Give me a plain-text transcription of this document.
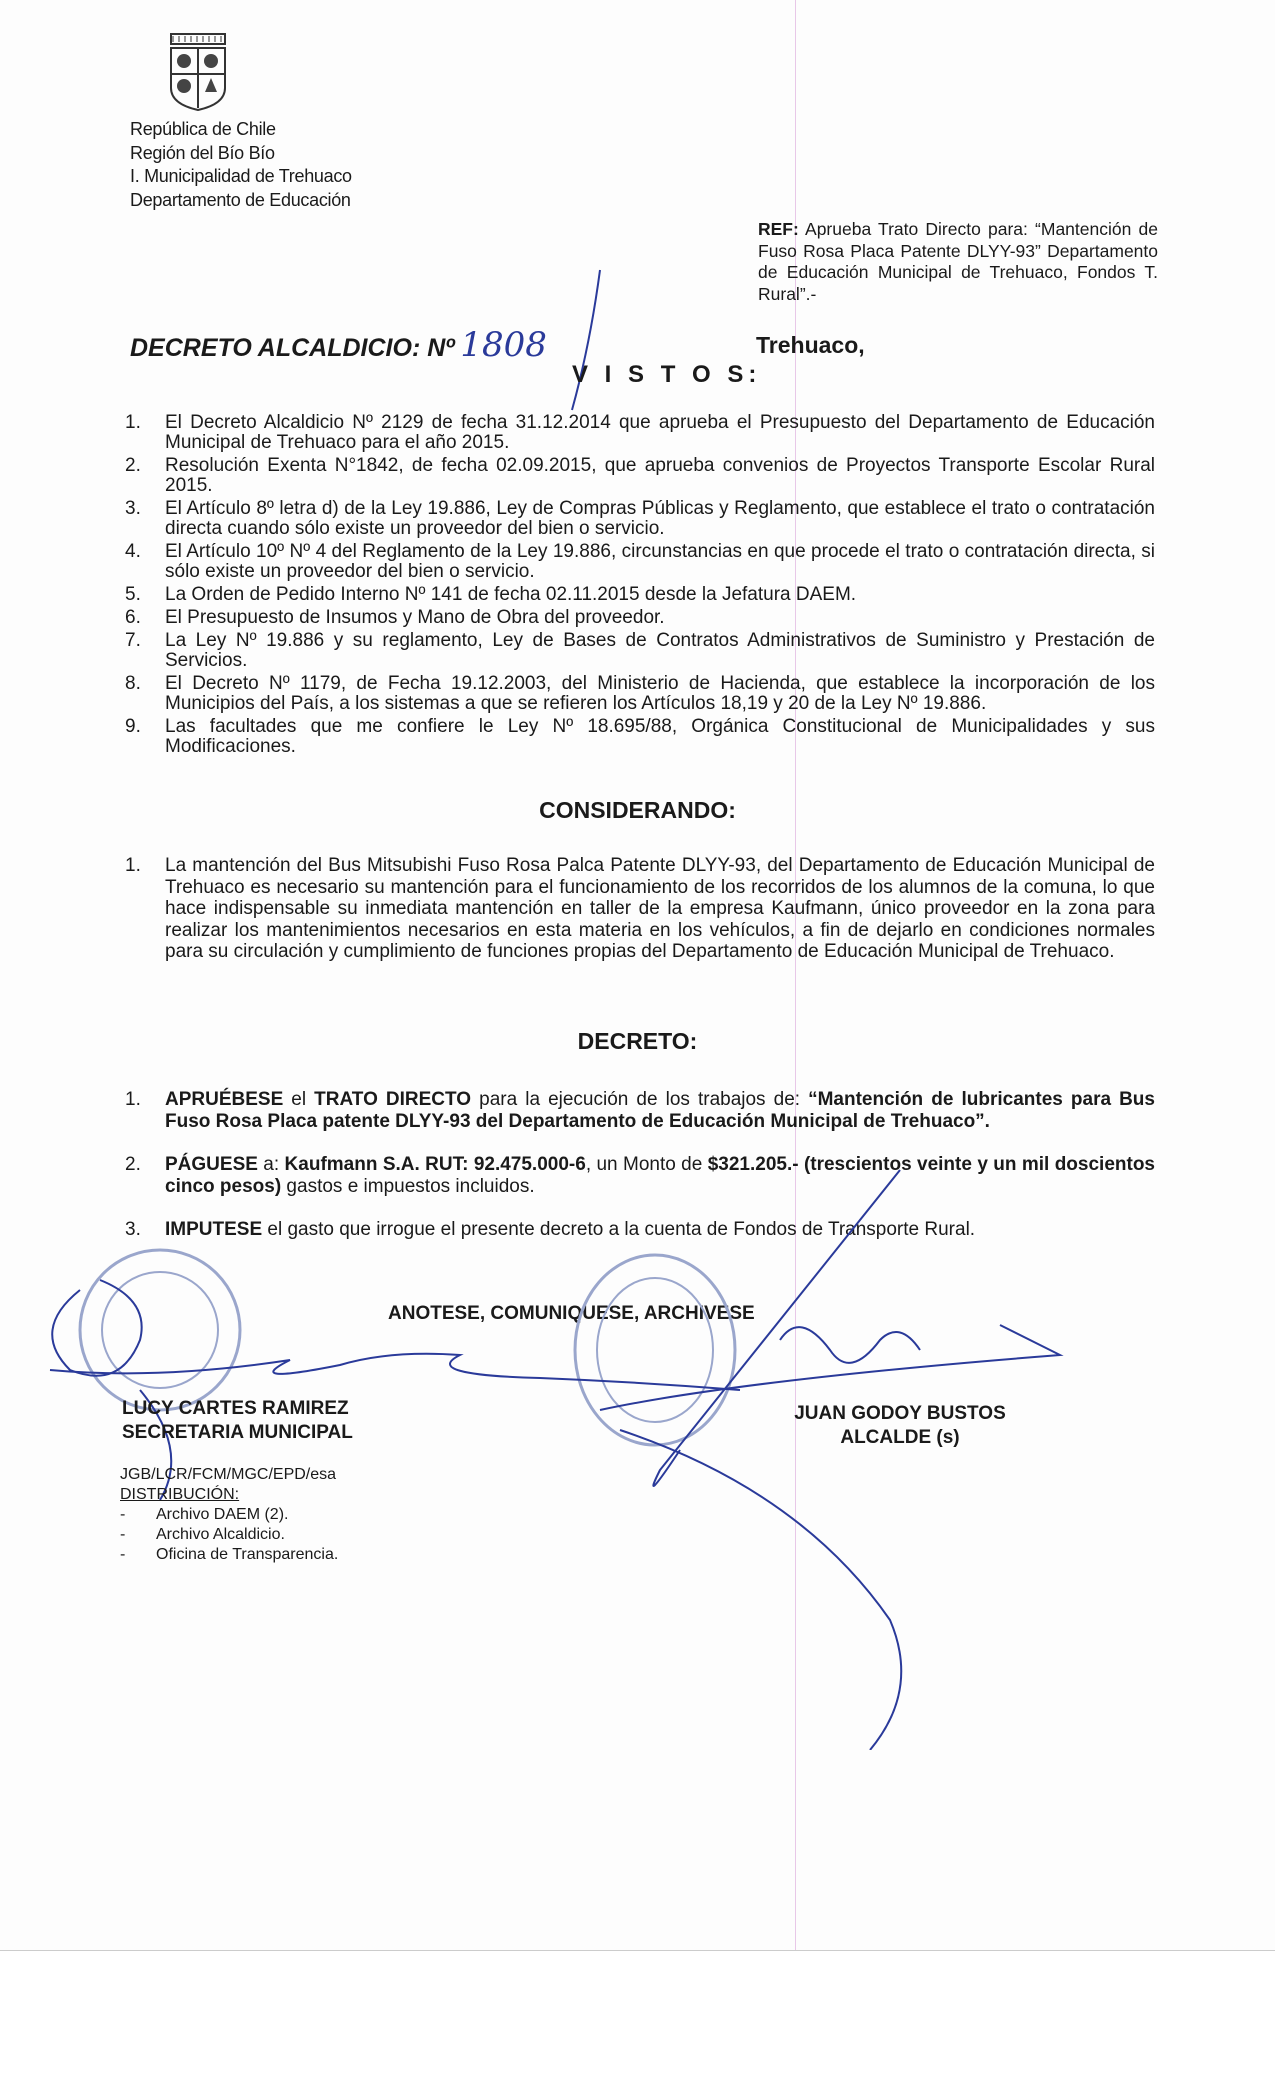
República de Chile
Región del Bío Bío
I. Municipalidad de Trehuaco
Departamento de Educación
REF: Aprueba Trato Directo para: “Mantención de Fuso Rosa Placa Patente DLYY-93” Departamento de Educación Municipal de Trehuaco, Fondos T. Rural”.-
DECRETO ALCALDICIO: Nº 1808	Trehuaco,
V I S T O S:
1. El Decreto Alcaldicio Nº 2129 de fecha 31.12.2014 que aprueba el Presupuesto del Departamento de Educación Municipal de Trehuaco para el año 2015.
2. Resolución Exenta N°1842, de fecha 02.09.2015, que aprueba convenios de Proyectos Transporte Escolar Rural 2015.
3. El Artículo 8º letra d) de la Ley 19.886, Ley de Compras Públicas y Reglamento, que establece el trato o contratación directa cuando sólo existe un proveedor del bien o servicio.
4. El Artículo 10º Nº 4 del Reglamento de la Ley 19.886, circunstancias en que procede el trato o contratación directa, si sólo existe un proveedor del bien o servicio.
5. La Orden de Pedido Interno Nº 141 de fecha 02.11.2015 desde la Jefatura DAEM.
6. El Presupuesto de Insumos y Mano de Obra del proveedor.
7. La Ley Nº 19.886 y su reglamento, Ley de Bases de Contratos Administrativos de Suministro y Prestación de Servicios.
8. El Decreto Nº 1179, de Fecha 19.12.2003, del Ministerio de Hacienda, que establece la incorporación de los Municipios del País, a los sistemas a que se refieren los Artículos 18,19 y 20 de la Ley Nº 19.886.
9. Las facultades que me confiere le Ley Nº 18.695/88, Orgánica Constitucional de Municipalidades y sus Modificaciones.
CONSIDERANDO:
1. La mantención del Bus Mitsubishi Fuso Rosa Palca Patente DLYY-93, del Departamento de Educación Municipal de Trehuaco es necesario su mantención para el funcionamiento de los recorridos de los alumnos de la comuna, lo que hace indispensable su inmediata mantención en taller de la empresa Kaufmann, único proveedor en la zona para realizar los mantenimientos necesarios en esta materia en los vehículos, a fin de dejarlo en condiciones normales para su circulación y cumplimiento de funciones propias del Departamento de Educación Municipal de Trehuaco.
DECRETO:
1. APRUÉBESE el TRATO DIRECTO para la ejecución de los trabajos de: “Mantención de lubricantes para Bus Fuso Rosa Placa patente DLYY-93 del Departamento de Educación Municipal de Trehuaco”.
2. PÁGUESE a: Kaufmann S.A. RUT: 92.475.000-6, un Monto de $321.205.- (trescientos veinte y un mil doscientos cinco pesos) gastos e impuestos incluidos.
3. IMPUTESE el gasto que irrogue el presente decreto a la cuenta de Fondos de Transporte Rural.
ANOTESE, COMUNIQUESE, ARCHIVESE
LUCY CARTES RAMIREZ
SECRETARIA MUNICIPAL
JUAN GODOY BUSTOS
ALCALDE (s)
JGB/LCR/FCM/MGC/EPD/esa
DISTRIBUCIÓN:
- Archivo DAEM (2).
- Archivo Alcaldicio.
- Oficina de Transparencia.
